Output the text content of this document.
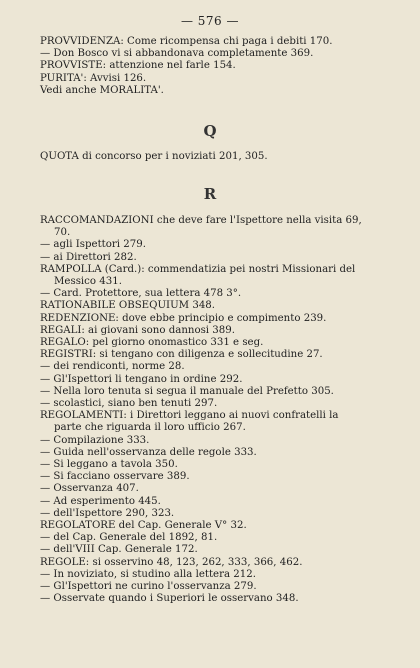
— 576 —
PROVVIDENZA: Come ricompensa chi paga i debiti 170.
— Don Bosco vi si abbandonava completamente 369.
PROVVISTE: attenzione nel farle 154.
PURITA': Avvisi 126.
Vedi anche MORALITA'.
Q
QUOTA di concorso per i noviziati 201, 305.
R
RACCOMANDAZIONI che deve fare l'Ispettore nella visita 69,
70.
— agli Ispettori 279.
— ai Direttori 282.
RAMPOLLA (Card.): commendatizia pei nostri Missionari del
Messico 431.
— Card. Protettore, sua lettera 478 3°.
RATIONABILE OBSEQUIUM 348.
REDENZIONE: dove ebbe principio e compimento 239.
REGALI: ai giovani sono dannosi 389.
REGALO: pel giorno onomastico 331 e seg.
REGISTRI: si tengano con diligenza e sollecitudine 27.
— dei rendiconti, norme 28.
— Gl'Ispettori li tengano in ordine 292.
— Nella loro tenuta si segua il manuale del Prefetto 305.
— scolastici, siano ben tenuti 297.
REGOLAMENTI: i Direttori leggano ai nuovi confratelli la
parte che riguarda il loro ufficio 267.
— Compilazione 333.
— Guida nell'osservanza delle regole 333.
— Si leggano a tavola 350.
— Si facciano osservare 389.
— Osservanza 407.
— Ad esperimento 445.
— dell'Ispettore 290, 323.
REGOLATORE del Cap. Generale V° 32.
— del Cap. Generale del 1892, 81.
— dell'VIII Cap. Generale 172.
REGOLE: si osservino 48, 123, 262, 333, 366, 462.
— In noviziato, si studino alla lettera 212.
— Gl'Ispettori ne curino l'osservanza 279.
— Osservate quando i Superiori le osservano 348.
